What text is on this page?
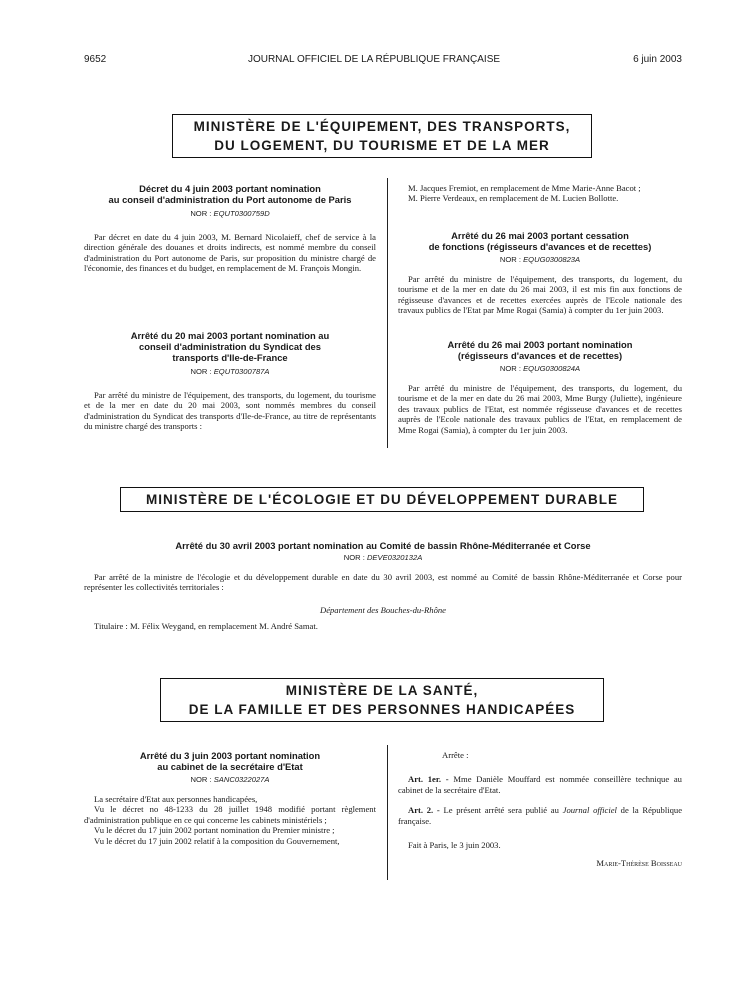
9652	JOURNAL OFFICIEL DE LA RÉPUBLIQUE FRANÇAISE	6 juin 2003
MINISTÈRE DE L'ÉQUIPEMENT, DES TRANSPORTS,
DU LOGEMENT, DU TOURISME ET DE LA MER
Décret du 4 juin 2003 portant nomination
au conseil d'administration du Port autonome de Paris
NOR : EQUT0300759D

Par décret en date du 4 juin 2003, M. Bernard Nicolaieff, chef de service à la direction générale des douanes et droits indirects, est nommé membre du conseil d'administration du Port autonome de Paris, sur proposition du ministre chargé de l'économie, des finances et du budget, en remplacement de M. François Mongin.

Arrêté du 20 mai 2003 portant nomination au
conseil d'administration du Syndicat des
transports d'Ile-de-France
NOR : EQUT0300787A

Par arrêté du ministre de l'équipement, des transports, du logement, du tourisme et de la mer en date du 20 mai 2003, sont nommés membres du conseil d'administration du Syndicat des transports d'Ile-de-France, au titre de représentants du ministre chargé des transports :

M. Jacques Fremiot, en remplacement de Mme Marie-Anne Bacot ;

M. Pierre Verdeaux, en remplacement de M. Lucien Bollotte.

Arrêté du 26 mai 2003 portant cessation
de fonctions (régisseurs d'avances et de recettes)
NOR : EQUG0300823A

Par arrêté du ministre de l'équipement, des transports, du logement, du tourisme et de la mer en date du 26 mai 2003, il est mis fin aux fonctions de régisseuse d'avances et de recettes exercées auprès de l'Ecole nationale des travaux publics de l'Etat par Mme Rogai (Samia) à compter du 1er juin 2003.

Arrêté du 26 mai 2003 portant nomination
(régisseurs d'avances et de recettes)
NOR : EQUG0300824A

Par arrêté du ministre de l'équipement, des transports, du logement, du tourisme et de la mer en date du 26 mai 2003, Mme Burgy (Juliette), ingénieure des travaux publics de l'Etat, est nommée régisseuse d'avances et de recettes auprès de l'Ecole nationale des travaux publics de l'Etat, en remplacement de Mme Rogai (Samia), à compter du 1er juin 2003.

MINISTÈRE DE L'ÉCOLOGIE ET DU DÉVELOPPEMENT DURABLE
Arrêté du 30 avril 2003 portant nomination au Comité de bassin Rhône-Méditerranée et Corse
NOR : DEVE0320132A

Par arrêté de la ministre de l'écologie et du développement durable en date du 30 avril 2003, est nommé au Comité de bassin Rhône-Méditerranée et Corse pour représenter les collectivités territoriales :

Département des Bouches-du-Rhône

Titulaire : M. Félix Weygand, en remplacement M. André Samat.

MINISTÈRE DE LA SANTÉ,
DE LA FAMILLE ET DES PERSONNES HANDICAPÉES
Arrêté du 3 juin 2003 portant nomination
au cabinet de la secrétaire d'Etat
NOR : SANC0322027A

La secrétaire d'Etat aux personnes handicapées,

Vu le décret no 48-1233 du 28 juillet 1948 modifié portant règlement d'administration publique en ce qui concerne les cabinets ministériels ;

Vu le décret du 17 juin 2002 portant nomination du Premier ministre ;

Vu le décret du 17 juin 2002 relatif à la composition du Gouvernement,

Arrête :

Art. 1er. - Mme Danièle Mouffard est nommée conseillère technique au cabinet de la secrétaire d'Etat.

Art. 2. - Le présent arrêté sera publié au Journal officiel de la République française.

Fait à Paris, le 3 juin 2003.

Marie-Thérèse Boisseau
